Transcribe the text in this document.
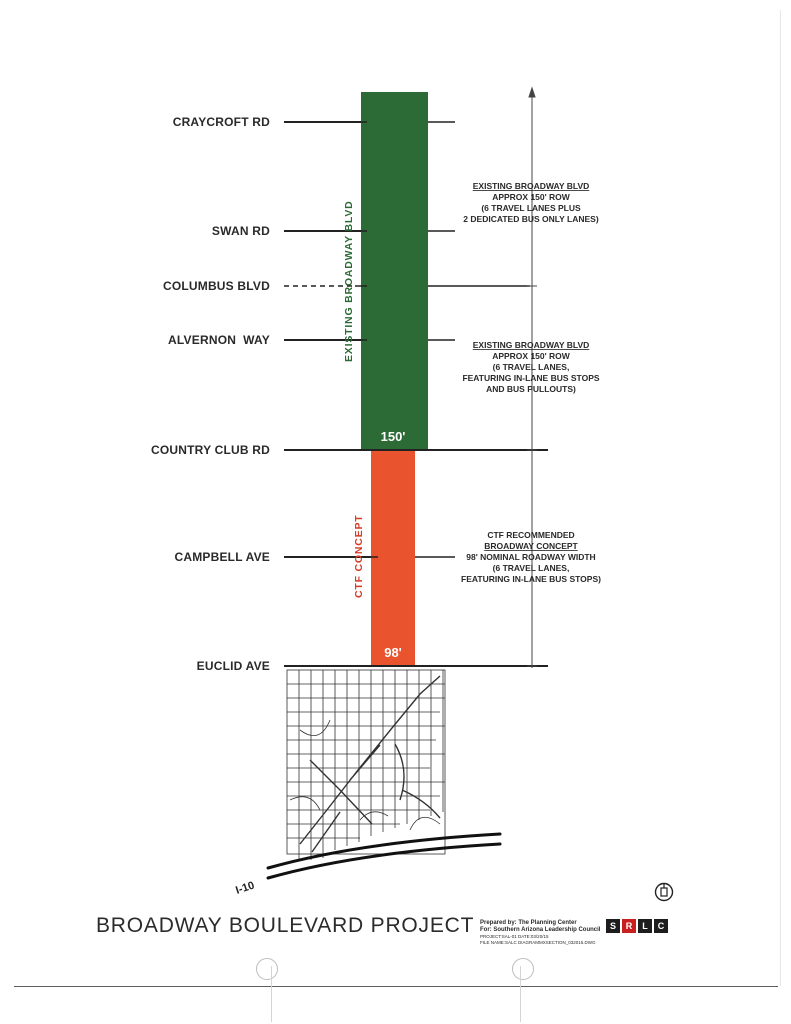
CRAYCROFT RD
SWAN RD
COLUMBUS BLVD
ALVERNON  WAY
COUNTRY CLUB RD
CAMPBELL AVE
EUCLID AVE
EXISTING BROADWAY BLVD
CTF CONCEPT
150'
98'
EXISTING BROADWAY BLVD
APPROX 150' ROW
(6 TRAVEL LANES PLUS
2 DEDICATED BUS ONLY LANES)
EXISTING BROADWAY BLVD
APPROX 150' ROW
(6 TRAVEL LANES,
FEATURING IN-LANE BUS STOPS
AND BUS PULLOUTS)
CTF RECOMMENDED
BROADWAY CONCEPT
98' NOMINAL ROADWAY WIDTH
(6 TRAVEL LANES,
FEATURING IN-LANE BUS STOPS)
I-10
BROADWAY BOULEVARD PROJECT Prepared by: The Planning Center
For: Southern Arizona Leadership Council
PROJECT:SAL-01 DATE:03/20/15
FILE NAME:SALC DIAGRAMMXSECTION_032015.DWG
S	R	L	C
